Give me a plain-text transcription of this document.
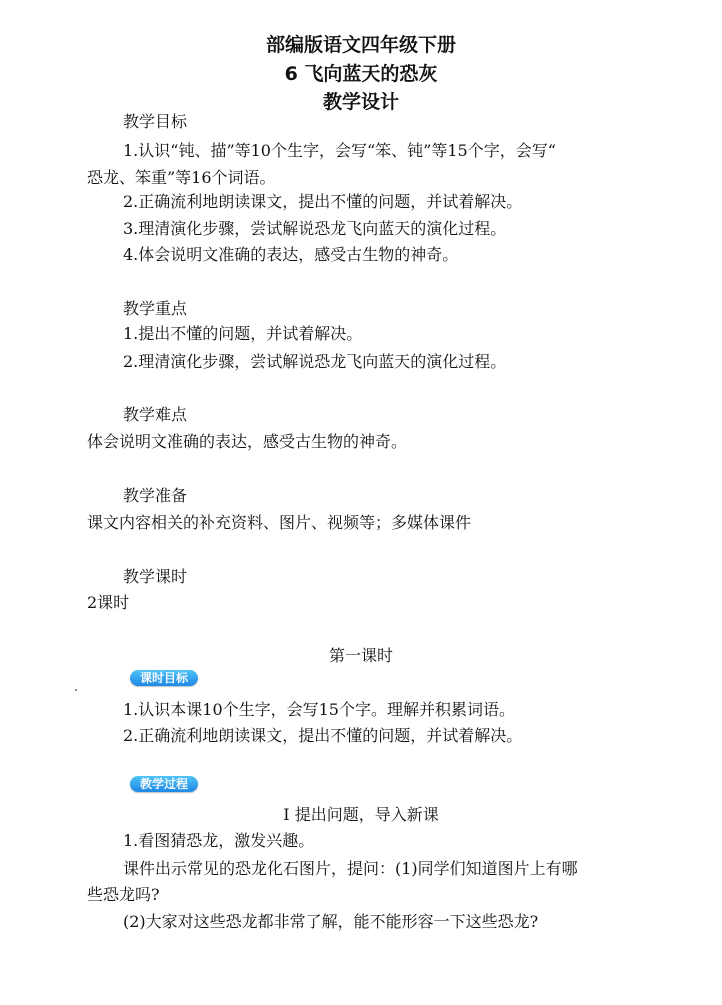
部编版语文四年级下册
6 飞向蓝天的恐灰
教学设计
教学目标
1.认识“钝、描”等10个生字，会写“笨、钝”等15个字，会写“
恐龙、笨重”等16个词语。
2.正确流利地朗读课文，提出不懂的问题，并试着解决。
3.理清演化步骤，尝试解说恐龙飞向蓝天的演化过程。
4.体会说明文准确的表达，感受古生物的神奇。
教学重点
1.提出不懂的问题，并试着解决。
2.理清演化步骤，尝试解说恐龙飞向蓝天的演化过程。
教学难点
体会说明文准确的表达，感受古生物的神奇。
教学准备
课文内容相关的补充资料、图片、视频等；多媒体课件
教学课时
2课时
第一课时
课时目标
1.认识本课10个生字，会写15个字。理解并积累词语。
2.正确流利地朗读课文，提出不懂的问题，并试着解决。
教学过程
Ⅰ 提出问题，导入新课
1.看图猜恐龙，激发兴趣。
课件出示常见的恐龙化石图片，提问：(1)同学们知道图片上有哪
些恐龙吗?
(2)大家对这些恐龙都非常了解，能不能形容一下这些恐龙?
